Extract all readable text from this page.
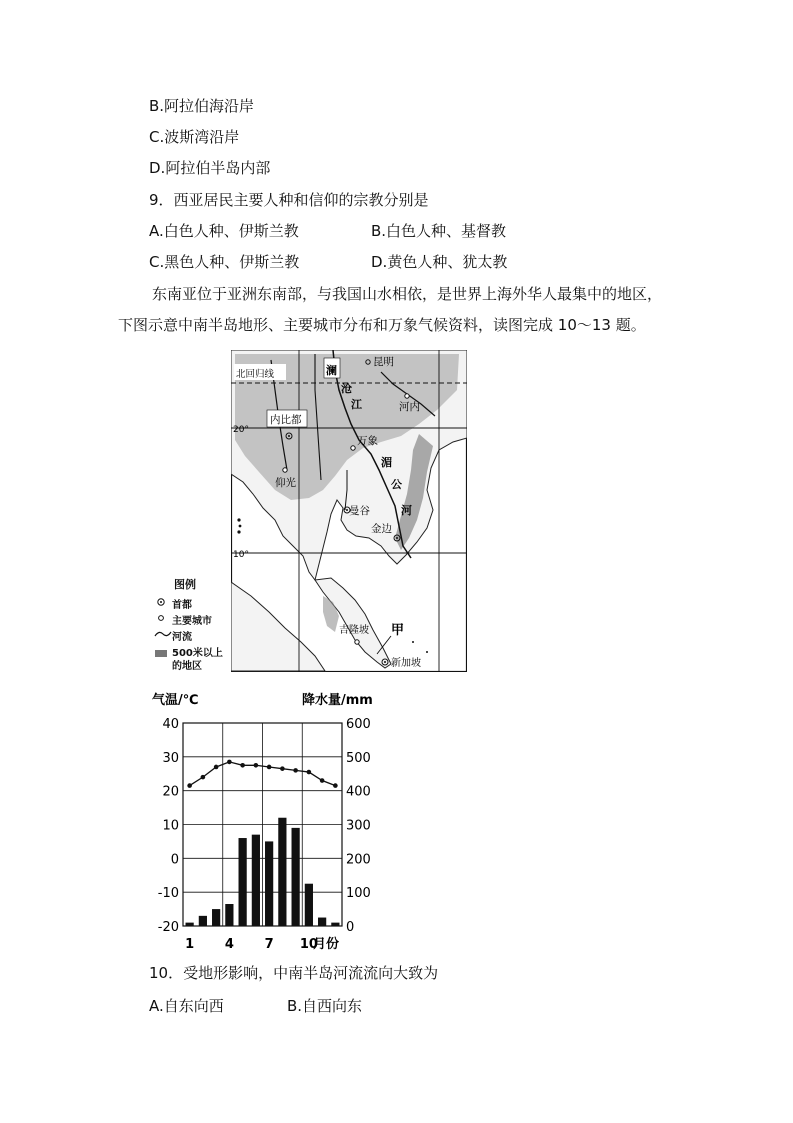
B.阿拉伯海沿岸
C.波斯湾沿岸
D.阿拉伯半岛内部
9．西亚居民主要人种和信仰的宗教分别是
A.白色人种、伊斯兰教	B.白色人种、基督教
C.黑色人种、伊斯兰教	D.黄色人种、犹太教
东南亚位于亚洲东南部，与我国山水相依，是世界上海外华人最集中的地区，
下图示意中南半岛地形、主要城市分布和万象气候资料，读图完成 10～13 题。
澜
昆明
北回归线
沧
江	河内
内比都
20°
万象
湄
公
河
仰光
曼谷
金边
10°
吉隆坡 甲
新加坡
图例
首都
主要城市
河流
500米以上
的地区
气温/℃	降水量/mm
40	600
30	500
20	400
10	300
0	200
-10	100
-20	0
1 4 7 10
月份
10．受地形影响，中南半岛河流流向大致为
A.自东向西	B.自西向东
